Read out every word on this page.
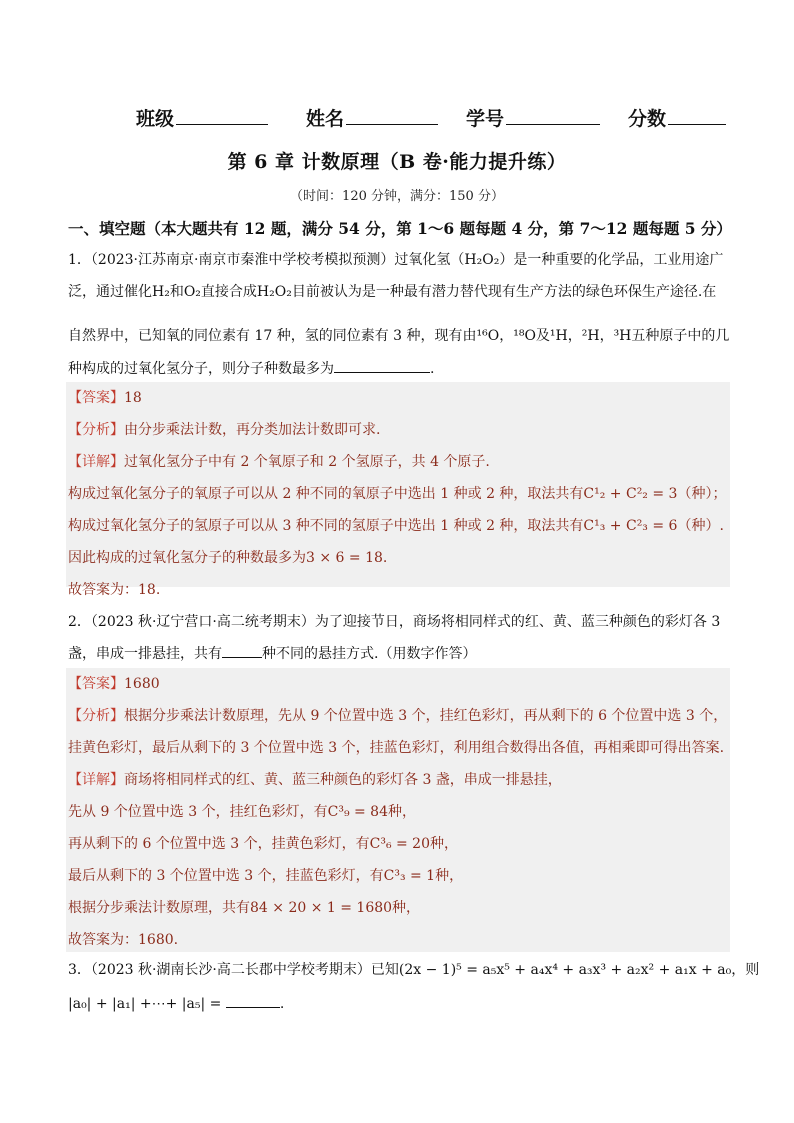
班级	姓名	学号	分数
第 6 章 计数原理（B 卷·能力提升练）
（时间：120 分钟，满分：150 分）
一、填空题（本大题共有 12 题，满分 54 分，第 1～6 题每题 4 分，第 7～12 题每题 5 分）
1．（2023·江苏南京·南京市秦淮中学校考模拟预测）过氧化氢（H₂O₂）是一种重要的化学品，工业用途广
泛，通过催化H₂和O₂直接合成H₂O₂目前被认为是一种最有潜力替代现有生产方法的绿色环保生产途径.在
自然界中，已知氧的同位素有 17 种，氢的同位素有 3 种，现有由¹⁶O，¹⁸O及¹H，²H，³H五种原子中的几
种构成的过氧化氢分子，则分子种数最多为	.
【答案】18
【分析】由分步乘法计数，再分类加法计数即可求.
【详解】过氧化氢分子中有 2 个氧原子和 2 个氢原子，共 4 个原子.
构成过氧化氢分子的氧原子可以从 2 种不同的氧原子中选出 1 种或 2 种，取法共有C¹₂ + C²₂ = 3（种）；
构成过氧化氢分子的氢原子可以从 3 种不同的氢原子中选出 1 种或 2 种，取法共有C¹₃ + C²₃ = 6（种）.
因此构成的过氧化氢分子的种数最多为3 × 6 = 18.
故答案为：18.
2．（2023 秋·辽宁营口·高二统考期末）为了迎接节日，商场将相同样式的红、黄、蓝三种颜色的彩灯各 3
盏，串成一排悬挂，共有	种不同的悬挂方式.（用数字作答）
【答案】1680
【分析】根据分步乘法计数原理，先从 9 个位置中选 3 个，挂红色彩灯，再从剩下的 6 个位置中选 3 个，
挂黄色彩灯，最后从剩下的 3 个位置中选 3 个，挂蓝色彩灯，利用组合数得出各值，再相乘即可得出答案.
【详解】商场将相同样式的红、黄、蓝三种颜色的彩灯各 3 盏，串成一排悬挂，
先从 9 个位置中选 3 个，挂红色彩灯，有C³₉ = 84种，
再从剩下的 6 个位置中选 3 个，挂黄色彩灯，有C³₆ = 20种，
最后从剩下的 3 个位置中选 3 个，挂蓝色彩灯，有C³₃ = 1种，
根据分步乘法计数原理，共有84 × 20 × 1 = 1680种，
故答案为：1680.
3．（2023 秋·湖南长沙·高二长郡中学校考期末）已知(2x − 1)⁵ = a₅x⁵ + a₄x⁴ + a₃x³ + a₂x² + a₁x + a₀，则
|a₀| + |a₁| +⋯+ |a₅| =	.
